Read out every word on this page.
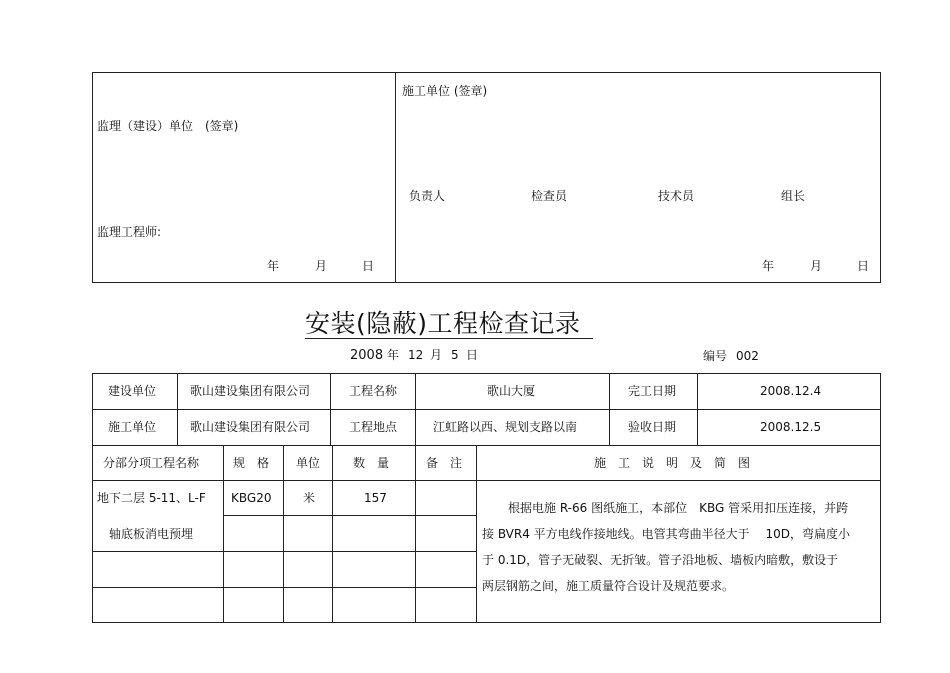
监理（建设）单位　(签章)
监理工程师:
年	月	日
施工单位 (签章)
负责人	检查员	技术员	组长
年	月	日
安装(隐蔽)工程检查记录
2008 年 12 月 5 日	编号 002
建设单位	歌山建设集团有限公司	工程名称	歌山大厦	完工日期	2008.12.4
施工单位	歌山建设集团有限公司	工程地点	江虹路以西、规划支路以南	验收日期	2008.12.5
分部分项工程名称	规　格 单位	数　量	备　注	施　工　说　明　及　简　图
地下二层 5-11、L-F
轴底板消电预埋
KBG20	米	157
根据电施 R-66 图纸施工，本部位　KBG 管采用扣压连接，并跨
接 BVR4 平方电线作接地线。电管其弯曲半径大于　 10D，弯扁度小
于 0.1D，管子无破裂、无折皱。管子沿地板、墙板内暗敷，敷设于
两层钢筋之间，施工质量符合设计及规范要求。
